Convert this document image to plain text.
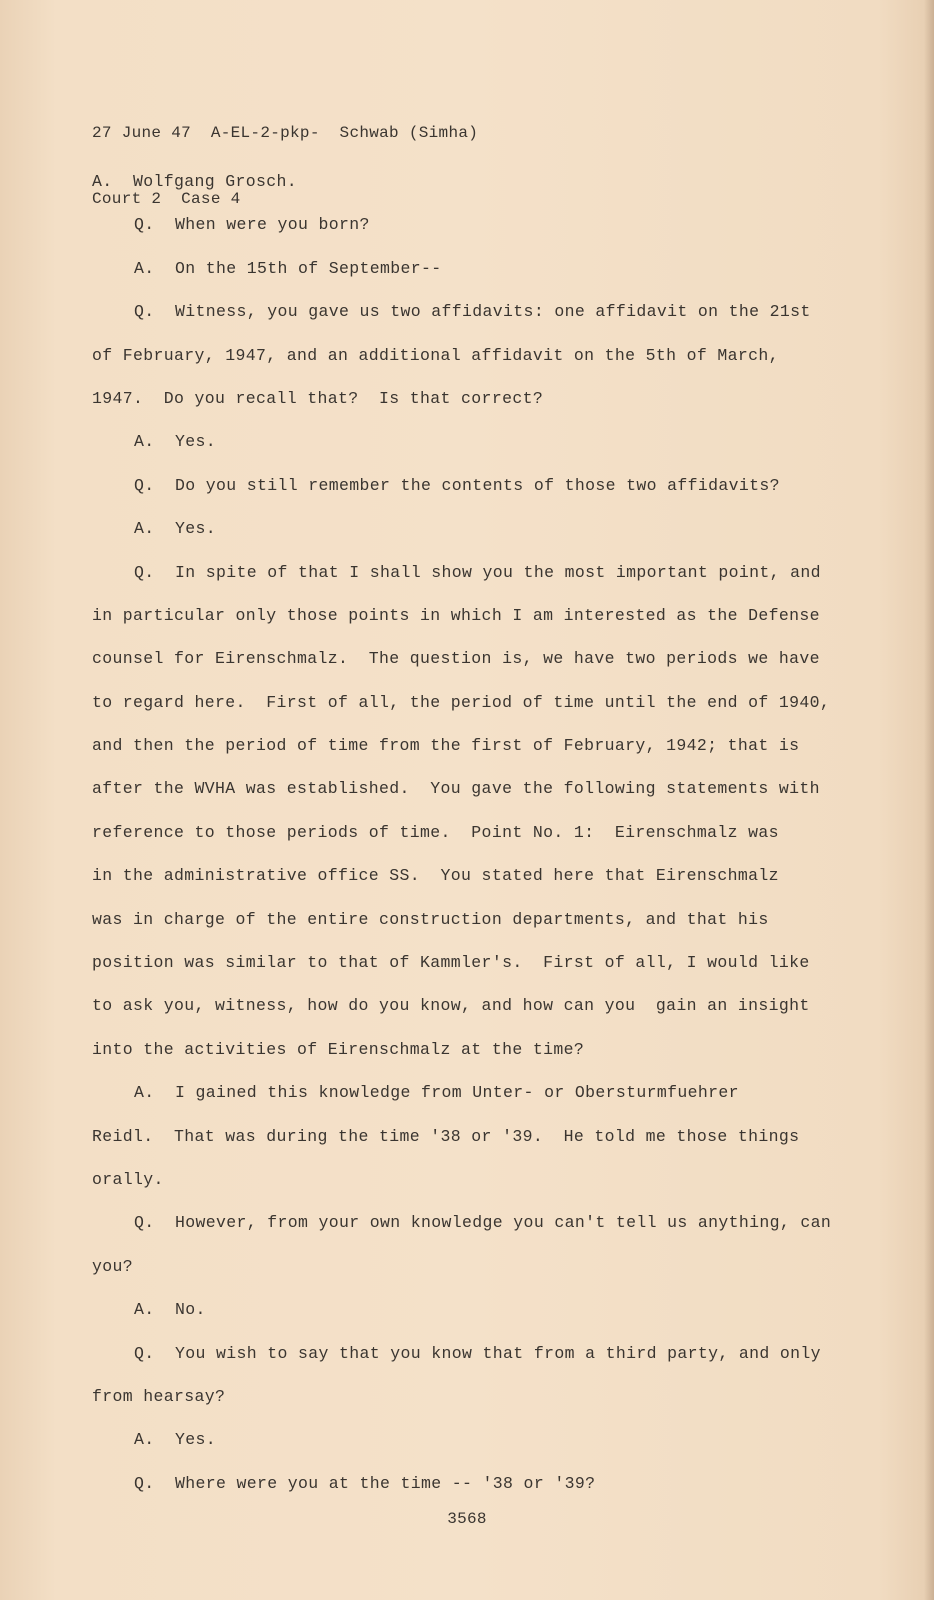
27 June 47  A-EL-2-pkp-  Schwab (Simha)

Court 2  Case 4

A.  Wolfgang Grosch.
Q.  When were you born?
A.  On the 15th of September--
Q.  Witness, you gave us two affidavits: one affidavit on the 21st
of February, 1947, and an additional affidavit on the 5th of March,
1947.  Do you recall that?  Is that correct?
A.  Yes.
Q.  Do you still remember the contents of those two affidavits?
A.  Yes.
Q.  In spite of that I shall show you the most important point, and
in particular only those points in which I am interested as the Defense
counsel for Eirenschmalz.  The question is, we have two periods we have
to regard here.  First of all, the period of time until the end of 1940,
and then the period of time from the first of February, 1942; that is
after the WVHA was established.  You gave the following statements with
reference to those periods of time.  Point No. 1:  Eirenschmalz was
in the administrative office SS.  You stated here that Eirenschmalz
was in charge of the entire construction departments, and that his
position was similar to that of Kammler's.  First of all, I would like
to ask you, witness, how do you know, and how can you  gain an insight
into the activities of Eirenschmalz at the time?
A.  I gained this knowledge from Unter- or Obersturmfuehrer
Reidl.  That was during the time '38 or '39.  He told me those things
orally.
Q.  However, from your own knowledge you can't tell us anything, can
you?
A.  No.
Q.  You wish to say that you know that from a third party, and only
from hearsay?
A.  Yes.
Q.  Where were you at the time -- '38 or '39?
3568
